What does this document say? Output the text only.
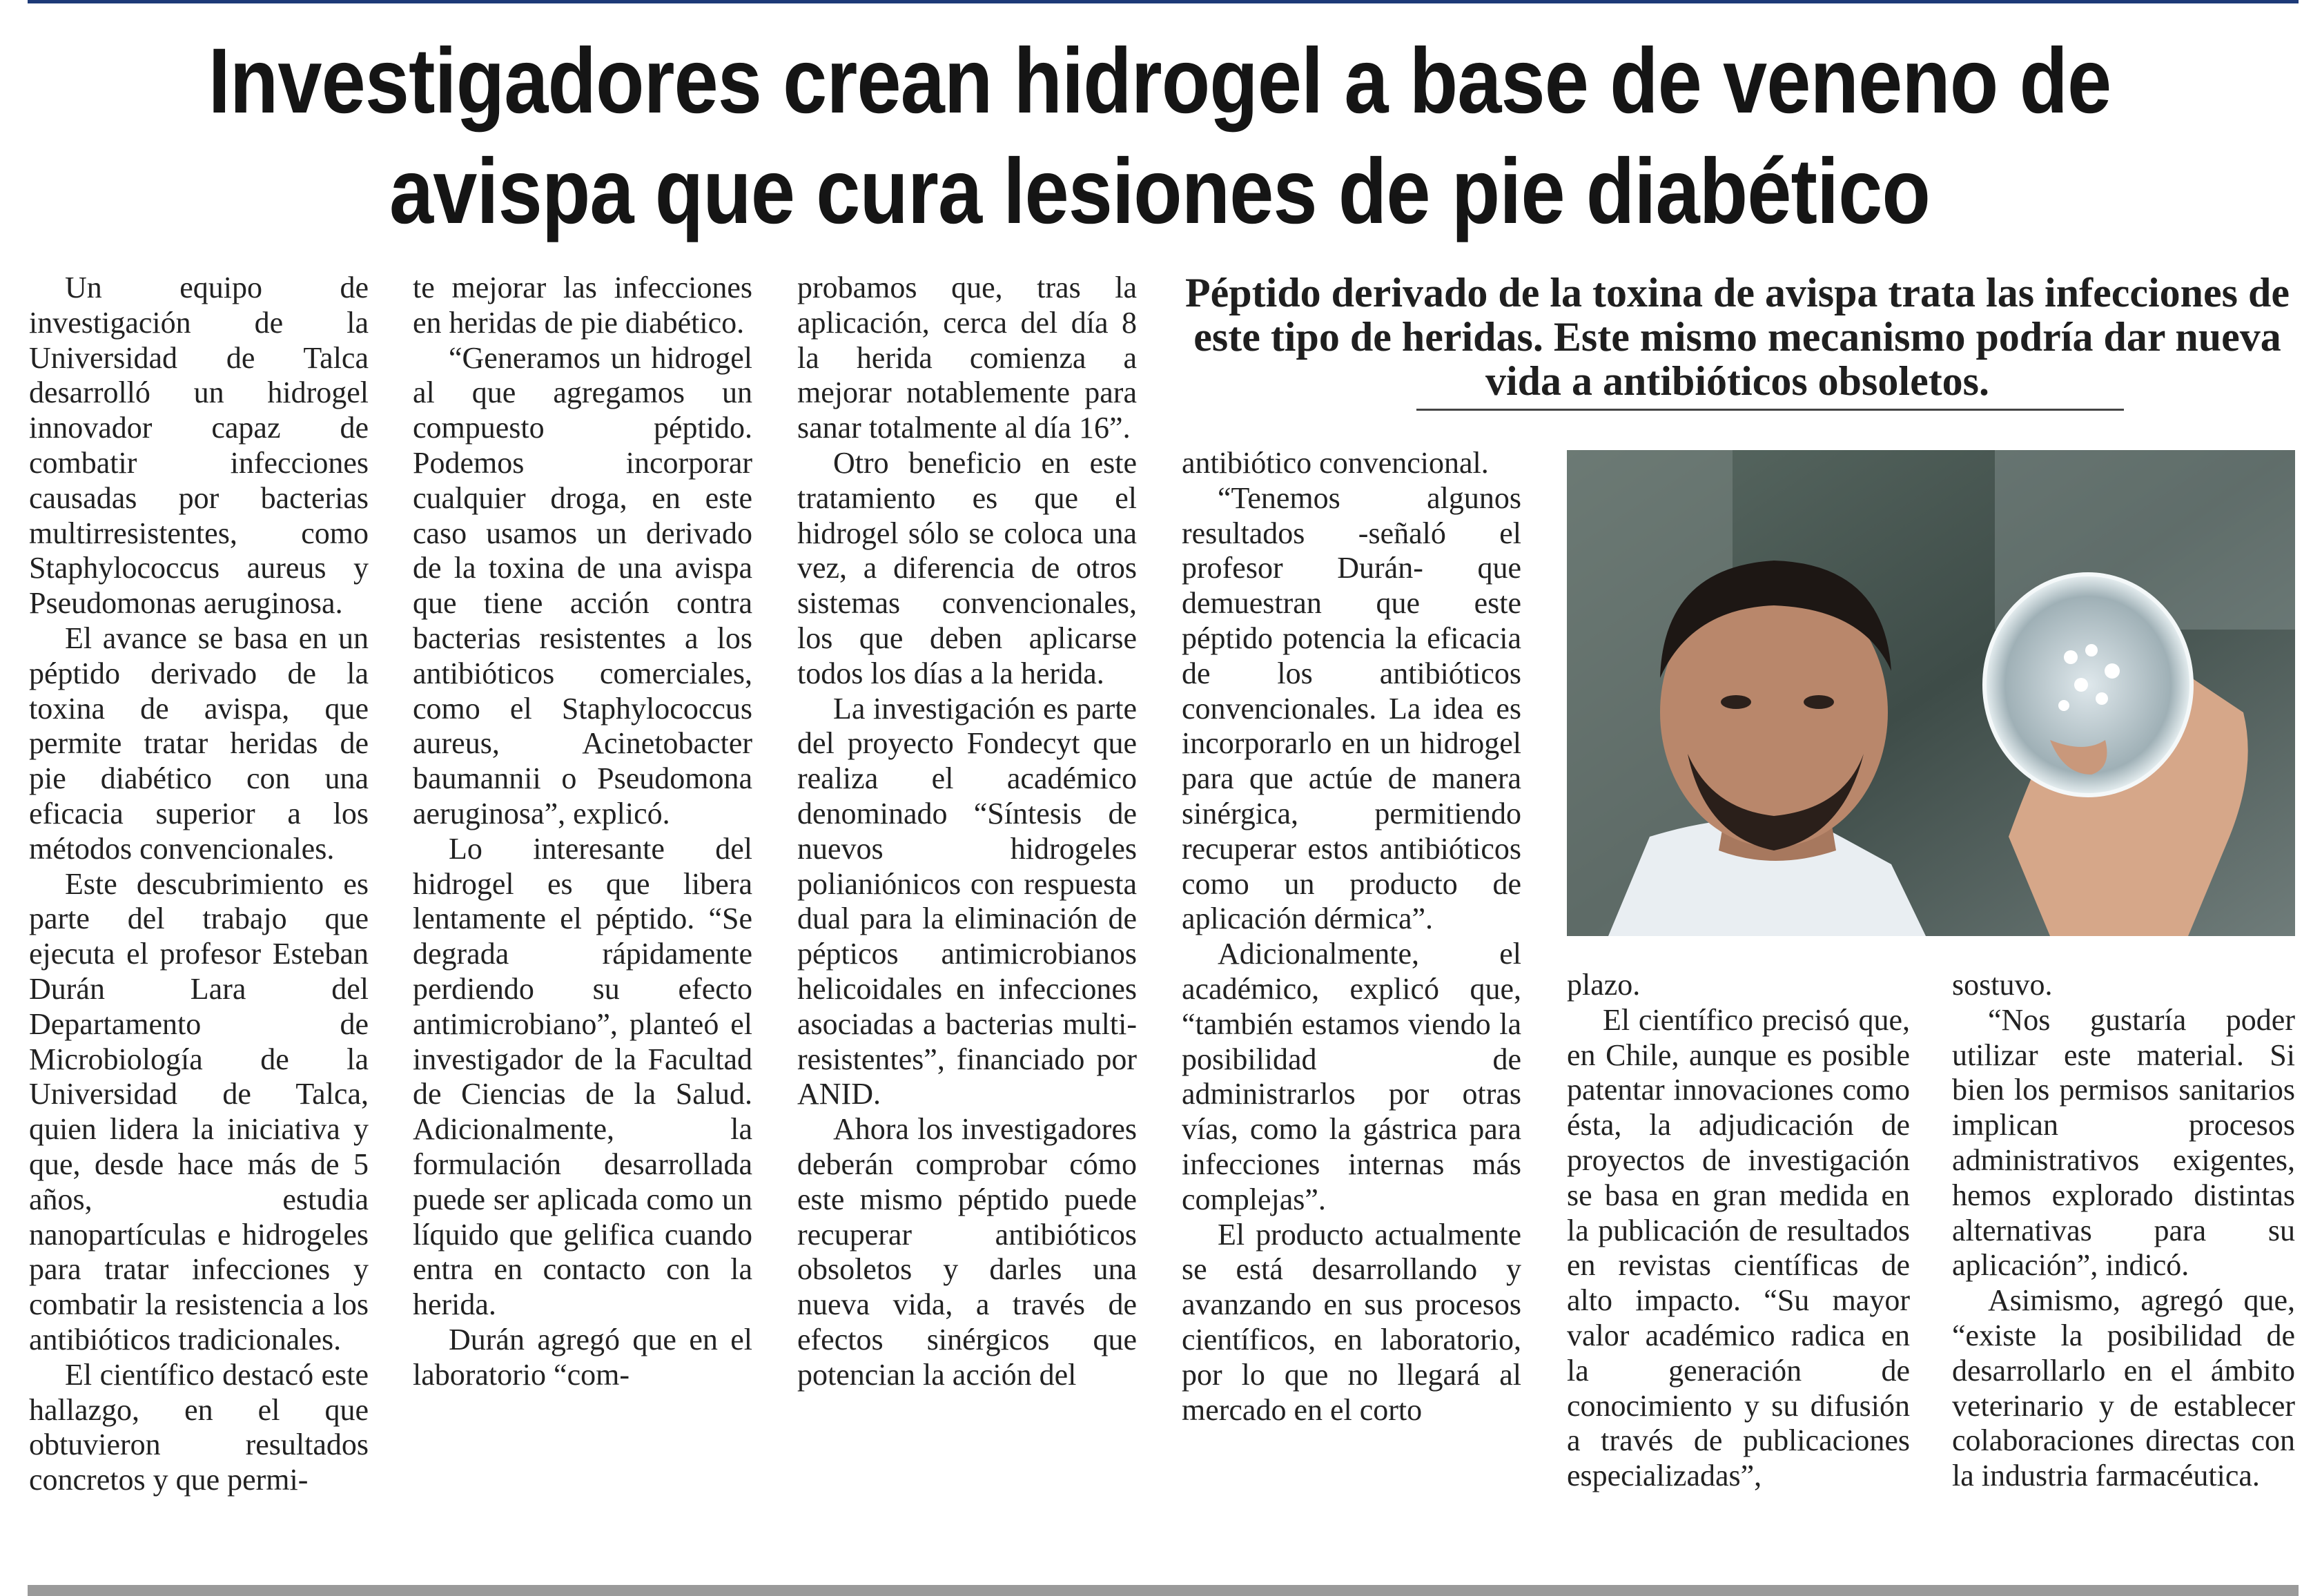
Investigadores crean hidrogel a base de veneno de avispa que cura lesiones de pie diabético

Un equipo de investigación de la Universidad de Talca desarrolló un hidrogel innovador capaz de combatir infecciones causadas por bacterias multirresistentes, como Staphylococcus aureus y Pseudomonas aeruginosa.

El avance se basa en un péptido derivado de la toxina de avispa, que permite tratar heridas de pie diabético con una eficacia superior a los métodos convencionales.

Este descubrimiento es parte del trabajo que ejecuta el profesor Esteban Durán Lara del Departamento de Microbiología de la Universidad de Talca, quien lidera la iniciativa y que, desde hace más de 5 años, estudia nanopartículas e hidrogeles para tratar infecciones y combatir la resistencia a los antibióticos tradicionales.

El científico destacó este hallazgo, en el que obtuvieron resultados concretos y que permi-

te mejorar las infecciones en heridas de pie diabético.

“Generamos un hidrogel al que agregamos un compuesto péptido. Podemos incorporar cualquier droga, en este caso usamos un derivado de la toxina de una avispa que tiene acción contra bacterias resistentes a los antibióticos comerciales, como el Staphylococcus aureus, Acinetobacter baumannii o Pseudomona aeruginosa”, explicó.

Lo interesante del hidrogel es que libera lentamente el péptido. “Se degrada rápidamente perdiendo su efecto antimicrobiano”, planteó el investigador de la Facultad de Ciencias de la Salud. Adicionalmente, la formulación desarrollada puede ser aplicada como un líquido que gelifica cuando entra en contacto con la herida.

Durán agregó que en el laboratorio “com-

probamos que, tras la aplicación, cerca del día 8 la herida comienza a mejorar notablemente para sanar totalmente al día 16”.

Otro beneficio en este tratamiento es que el hidrogel sólo se coloca una vez, a diferencia de otros sistemas convencionales, los que deben aplicarse todos los días a la herida.

La investigación es parte del proyecto Fondecyt que realiza el académico denominado “Síntesis de nuevos hidrogeles polianiónicos con respuesta dual para la eliminación de pépticos antimicrobianos helicoidales en infecciones asociadas a bacterias multi-resistentes”, financiado por ANID.

Ahora los investigadores deberán comprobar cómo este mismo péptido puede recuperar antibióticos obsoletos y darles una nueva vida, a través de efectos sinérgicos que potencian la acción del

Péptido derivado de la toxina de avispa trata las infecciones de este tipo de heridas. Este mismo mecanismo podría dar nueva vida a antibióticos obsoletos.

antibiótico convencional.

“Tenemos algunos resultados -señaló el profesor Durán- que demuestran que este péptido potencia la eficacia de los antibióticos convencionales. La idea es incorporarlo en un hidrogel para que actúe de manera sinérgica, permitiendo recuperar estos antibióticos como un producto de aplicación dérmica”.

Adicionalmente, el académico, explicó que, “también estamos viendo la posibilidad de administrarlos por otras vías, como la gástrica para infecciones internas más complejas”.

El producto actualmente se está desarrollando y avanzando en sus procesos científicos, en laboratorio, por lo que no llegará al mercado en el corto

plazo.

El científico precisó que, en Chile, aunque es posible patentar innovaciones como ésta, la adjudicación de proyectos de investigación se basa en gran medida en la publicación de resultados en revistas científicas de alto impacto. “Su mayor valor académico radica en la generación de conocimiento y su difusión a través de publicaciones especializadas”,

sostuvo.

“Nos gustaría poder utilizar este material. Si bien los permisos sanitarios implican procesos administrativos exigentes, hemos explorado distintas alternativas para su aplicación”, indicó.

Asimismo, agregó que, “existe la posibilidad de desarrollarlo en el ámbito veterinario y de establecer colaboraciones directas con la industria farmacéutica.
